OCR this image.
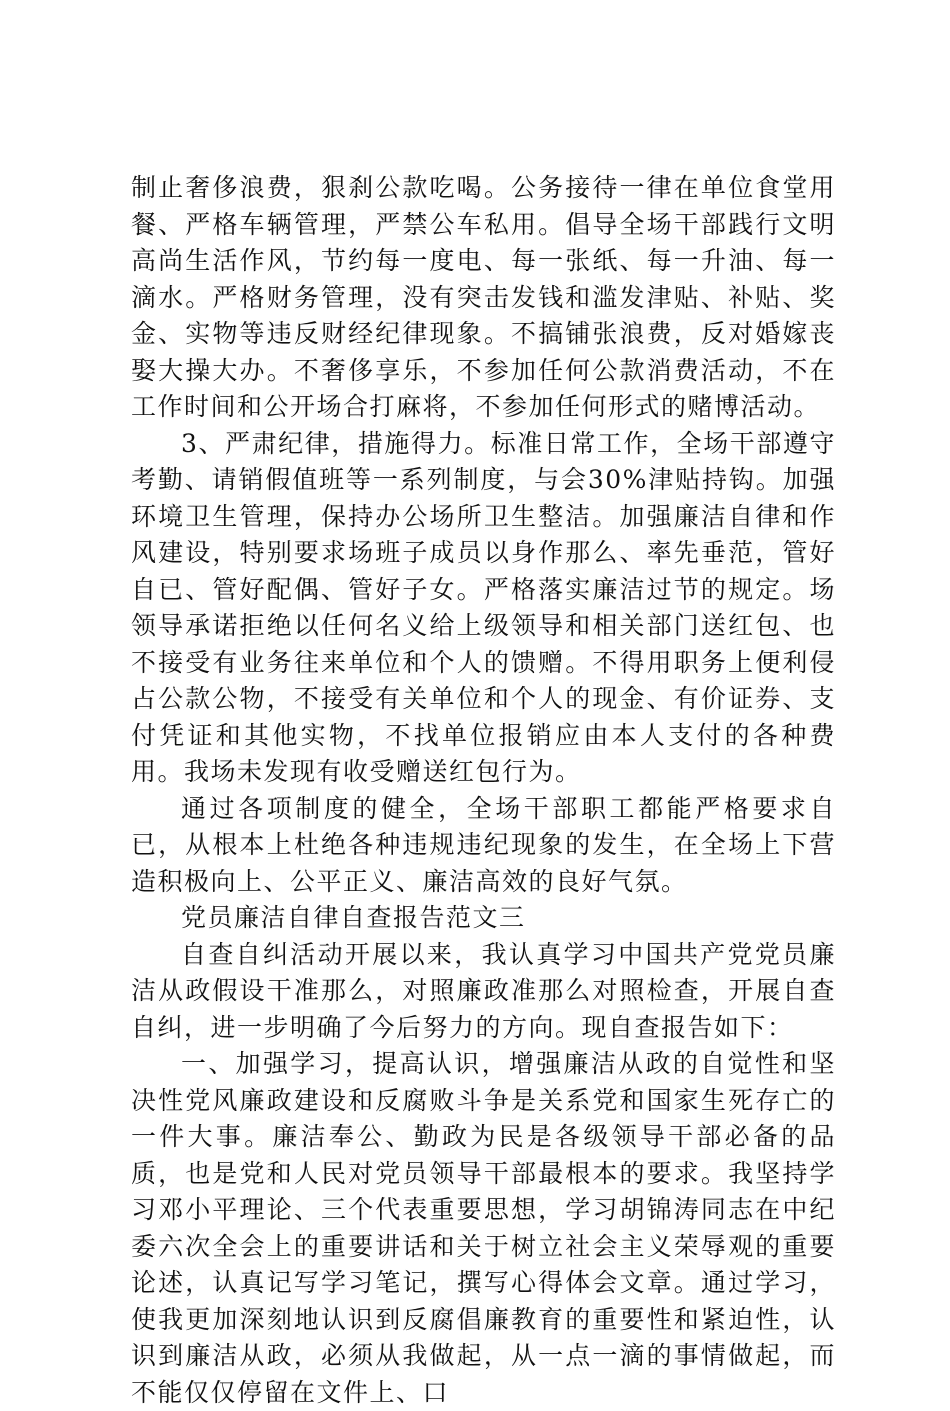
制止奢侈浪费，狠刹公款吃喝。公务接待一律在单位食堂用餐、严格车辆管理，严禁公车私用。倡导全场干部践行文明高尚生活作风，节约每一度电、每一张纸、每一升油、每一滴水。严格财务管理，没有突击发钱和滥发津贴、补贴、奖金、实物等违反财经纪律现象。不搞铺张浪费，反对婚嫁丧娶大操大办。不奢侈享乐，不参加任何公款消费活动，不在工作时间和公开场合打麻将，不参加任何形式的赌博活动。

3、严肃纪律，措施得力。标准日常工作，全场干部遵守考勤、请销假值班等一系列制度，与会30%津贴持钩。加强环境卫生管理，保持办公场所卫生整洁。加强廉洁自律和作风建设，特别要求场班子成员以身作那么、率先垂范，管好自已、管好配偶、管好子女。严格落实廉洁过节的规定。场领导承诺拒绝以任何名义给上级领导和相关部门送红包、也不接受有业务往来单位和个人的馈赠。不得用职务上便利侵占公款公物，不接受有关单位和个人的现金、有价证券、支付凭证和其他实物，不找单位报销应由本人支付的各种费用。我场未发现有收受赠送红包行为。

通过各项制度的健全，全场干部职工都能严格要求自已，从根本上杜绝各种违规违纪现象的发生，在全场上下营造积极向上、公平正义、廉洁高效的良好气氛。

党员廉洁自律自查报告范文三

自查自纠活动开展以来，我认真学习中国共产党党员廉洁从政假设干准那么，对照廉政准那么对照检查，开展自查自纠，进一步明确了今后努力的方向。现自查报告如下：

一、加强学习，提高认识，增强廉洁从政的自觉性和坚决性党风廉政建设和反腐败斗争是关系党和国家生死存亡的一件大事。廉洁奉公、勤政为民是各级领导干部必备的品质，也是党和人民对党员领导干部最根本的要求。我坚持学习邓小平理论、三个代表重要思想，学习胡锦涛同志在中纪委六次全会上的重要讲话和关于树立社会主义荣辱观的重要论述，认真记写学习笔记，撰写心得体会文章。通过学习，使我更加深刻地认识到反腐倡廉教育的重要性和紧迫性，认识到廉洁从政，必须从我做起，从一点一滴的事情做起，而不能仅仅停留在文件上、口
